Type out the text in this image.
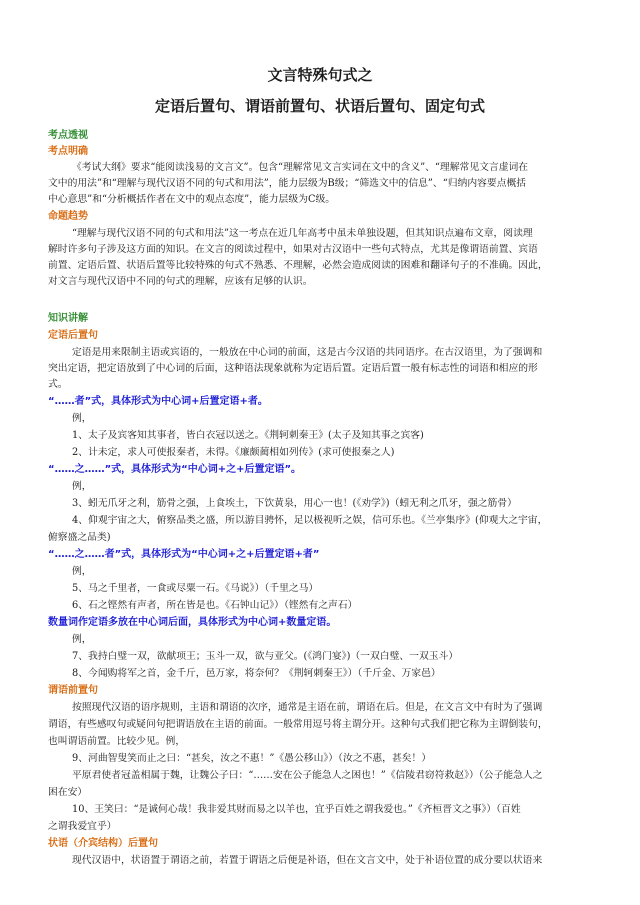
文言特殊句式之
定语后置句、谓语前置句、状语后置句、固定句式
考点透视
考点明确
《考试大纲》要求“能阅读浅易的文言文”。包含“理解常见文言实词在文中的含义”、“理解常见文言虚词在
文中的用法”和“理解与现代汉语不同的句式和用法”，能力层级为B级；“筛选文中的信息”、“归纳内容要点概括
中心意思”和“分析概括作者在文中的观点态度”，能力层级为C级。
命题趋势
“理解与现代汉语不同的句式和用法”这一考点在近几年高考中虽未单独设题，但其知识点遍布文章，阅读理
解时许多句子涉及这方面的知识。在文言的阅读过程中，如果对古汉语中一些句式特点，尤其是像谓语前置、宾语
前置、定语后置、状语后置等比较特殊的句式不熟悉、不理解，必然会造成阅读的困难和翻译句子的不准确。因此，
对文言与现代汉语中不同的句式的理解，应该有足够的认识。
知识讲解
定语后置句
定语是用来限制主语或宾语的，一般放在中心词的前面，这是古今汉语的共同语序。在古汉语里，为了强调和
突出定语，把定语放到了中心词的后面，这种语法现象就称为定语后置。定语后置一般有标志性的词语和相应的形
式。
“……者”式，具体形式为中心词+后置定语+者。
例，
1、太子及宾客知其事者，皆白衣冠以送之。《荆轲刺秦王》(太子及知其事之宾客)
2、计未定，求人可使报秦者，未得。《廉颇蔺相如列传》(求可使报秦之人)
“……之……”式，具体形式为“中心词+之+后置定语”。
例，
3、蚓无爪牙之利，筋骨之强，上食埃土，下饮黄泉，用心一也！(《劝学》)（蚓无利之爪牙，强之筋骨）
4、仰观宇宙之大，俯察品类之盛，所以游目骋怀，足以极视听之娱，信可乐也。《兰亭集序》(仰观大之宇宙，
俯察盛之品类)
“……之……者”式，具体形式为“中心词+之+后置定语+者”
例，
5、马之千里者，一食或尽粟一石。《马说》）（千里之马）
6、石之铿然有声者，所在皆是也。《石钟山记》）（铿然有之声石）
数量词作定语多放在中心词后面，具体形式为中心词+数量定语。
例，
7、我持白璧一双，欲献项王；玉斗一双，欲与亚父。(《鸿门宴》)（一双白璧、一双玉斗）
8、今闻购将军之首，金千斤，邑万家，将奈何？《荆轲刺秦王》）（千斤金、万家邑）
谓语前置句
按照现代汉语的语序规则，主语和谓语的次序，通常是主语在前，谓语在后。但是，在文言文中有时为了强调
谓语，有些感叹句或疑问句把谓语放在主语的前面。一般常用逗号将主谓分开。这种句式我们把它称为主谓倒装句，
也叫谓语前置。比较少见。例，
9、河曲智叟笑而止之曰：“甚矣，汝之不惠！”《愚公移山》）（汝之不惠，甚矣！）
平原君使者冠盖相属于魏，让魏公子曰：“……安在公子能急人之困也！”《信陵君窃符救赵》）（公子能急人之
困在安）
10、王笑曰：“是诚何心哉！我非爱其财而易之以羊也，宜乎百姓之谓我爱也。”《齐桓晋文之事》）（百姓
之谓我爱宜乎）
状语（介宾结构）后置句
现代汉语中，状语置于谓语之前，若置于谓语之后便是补语，但在文言文中，处于补语位置的成分要以状语来
